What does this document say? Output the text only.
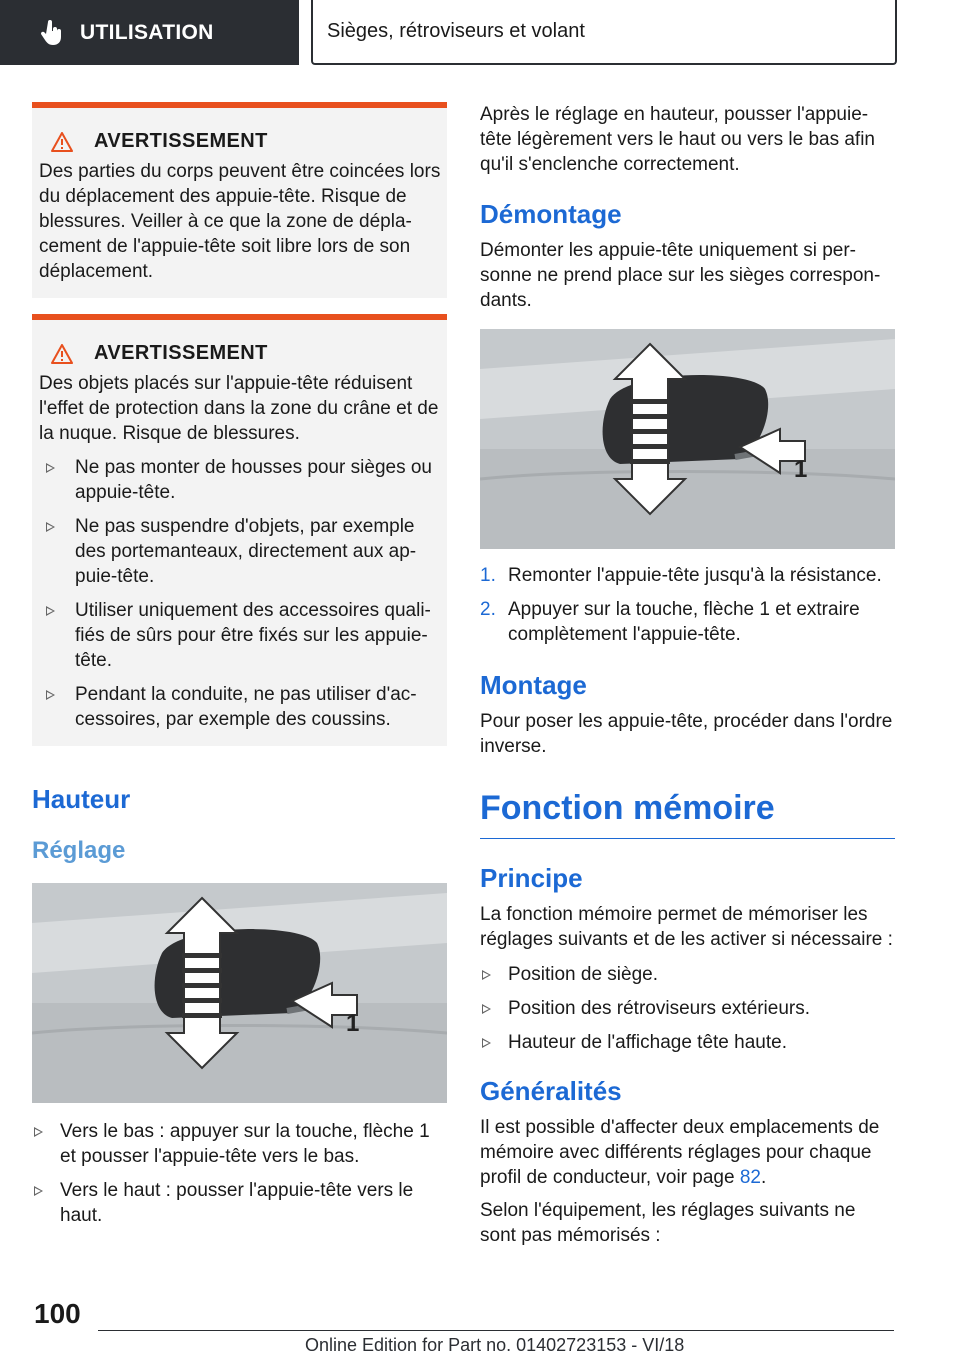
UTILISATION	Sièges, rétroviseurs et volant
AVERTISSEMENT

Des parties du corps peuvent être coincées lors du déplacement des appuie-tête. Risque de blessures. Veiller à ce que la zone de dépla-cement de l'appuie-tête soit libre lors de son déplacement.

AVERTISSEMENT

Des objets placés sur l'appuie-tête réduisent l'effet de protection dans la zone du crâne et de la nuque. Risque de blessures.

Ne pas monter de housses pour sièges ou appuie-tête.
Ne pas suspendre d'objets, par exemple des portemanteaux, directement aux ap-puie-tête.
Utiliser uniquement des accessoires quali-fiés de sûrs pour être fixés sur les appuie-tête.
Pendant la conduite, ne pas utiliser d'ac-cessoires, par exemple des coussins.
Hauteur
Réglage
1
Vers le bas : appuyer sur la touche, flèche 1 et pousser l'appuie-tête vers le bas.
Vers le haut : pousser l'appuie-tête vers le haut.

Après le réglage en hauteur, pousser l'appuie-tête légèrement vers le haut ou vers le bas afin qu'il s'enclenche correctement.

Démontage

Démonter les appuie-tête uniquement si per-sonne ne prend place sur les sièges correspon-dants.

1
1. Remonter l'appuie-tête jusqu'à la résistance.
2. Appuyer sur la touche, flèche 1 et extraire complètement l'appuie-tête.
Montage

Pour poser les appuie-tête, procéder dans l'ordre inverse.

Fonction mémoire
Principe

La fonction mémoire permet de mémoriser les réglages suivants et de les activer si nécessaire :

Position de siège.
Position des rétroviseurs extérieurs.
Hauteur de l'affichage tête haute.
Généralités

Il est possible d'affecter deux emplacements de mémoire avec différents réglages pour chaque profil de conducteur, voir page 82.

Selon l'équipement, les réglages suivants ne sont pas mémorisés :

100
Online Edition for Part no. 01402723153 - VI/18
